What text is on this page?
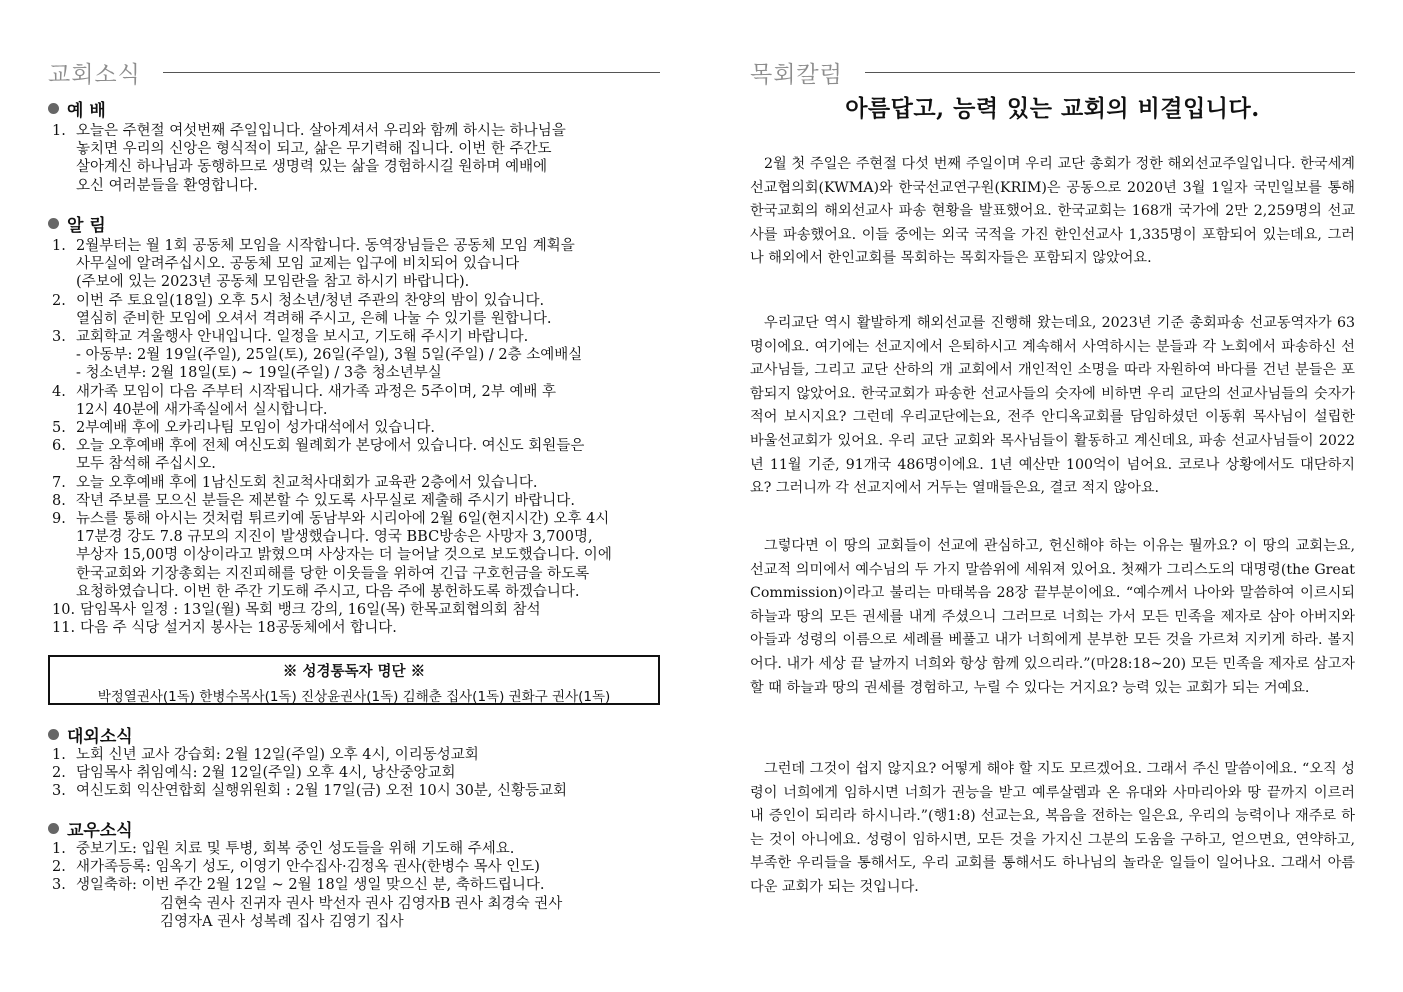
교회소식
예 배
1. 오늘은 주현절 여섯번째 주일입니다. 살아계셔서 우리와 함께 하시는 하나님을
놓치면 우리의 신앙은 형식적이 되고, 삶은 무기력해 집니다. 이번 한 주간도
살아계신 하나님과 동행하므로 생명력 있는 삶을 경험하시길 원하며 예배에
오신 여러분들을 환영합니다.
알 림
1. 2월부터는 월 1회 공동체 모임을 시작합니다. 동역장님들은 공동체 모임 계획을
사무실에 알려주십시오. 공동체 모임 교제는 입구에 비치되어 있습니다
(주보에 있는 2023년 공동체 모임란을 참고 하시기 바랍니다).
2. 이번 주 토요일(18일) 오후 5시 청소년/청년 주관의 찬양의 밤이 있습니다.
열심히 준비한 모임에 오셔서 격려해 주시고, 은혜 나눌 수 있기를 원합니다.
3. 교회학교 겨울행사 안내입니다. 일정을 보시고, 기도해 주시기 바랍니다.
- 아동부: 2월 19일(주일), 25일(토), 26일(주일), 3월 5일(주일) / 2층 소예배실
- 청소년부: 2월 18일(토) ~ 19일(주일) / 3층 청소년부실
4. 새가족 모임이 다음 주부터 시작됩니다. 새가족 과정은 5주이며, 2부 예배 후
12시 40분에 새가족실에서 실시합니다.
5. 2부예배 후에 오카리나팀 모임이 성가대석에서 있습니다.
6. 오늘 오후예배 후에 전체 여신도회 월례회가 본당에서 있습니다. 여신도 회원들은
모두 참석해 주십시오.
7. 오늘 오후예배 후에 1남신도회 친교척사대회가 교육관 2층에서 있습니다.
8. 작년 주보를 모으신 분들은 제본할 수 있도록 사무실로 제출해 주시기 바랍니다.
9. 뉴스를 통해 아시는 것처럼 튀르키예 동남부와 시리아에 2월 6일(현지시간) 오후 4시
17분경 강도 7.8 규모의 지진이 발생했습니다. 영국 BBC방송은 사망자 3,700명,
부상자 15,00명 이상이라고 밝혔으며 사상자는 더 늘어날 것으로 보도했습니다. 이에
한국교회와 기장총회는 지진피해를 당한 이웃들을 위하여 긴급 구호헌금을 하도록
요청하였습니다. 이번 한 주간 기도해 주시고, 다음 주에 봉헌하도록 하겠습니다.
10. 담임목사 일정 : 13일(월) 목회 뱅크 강의, 16일(목) 한목교회협의회 참석
11. 다음 주 식당 설거지 봉사는 18공동체에서 합니다.
※ 성경통독자 명단 ※
박정열권사(1독) 한병수목사(1독) 진상윤권사(1독) 김해춘 집사(1독) 권화구 권사(1독)
대외소식
1. 노회 신년 교사 강습회: 2월 12일(주일) 오후 4시, 이리동성교회
2. 담임목사 취임예식: 2월 12일(주일) 오후 4시, 낭산중앙교회
3. 여신도회 익산연합회 실행위원회 : 2월 17일(금) 오전 10시 30분, 신황등교회
교우소식
1. 중보기도: 입원 치료 및 투병, 회복 중인 성도들을 위해 기도해 주세요.
2. 새가족등록: 임옥기 성도, 이영기 안수집사·김정옥 권사(한병수 목사 인도)
3. 생일축하: 이번 주간 2월 12일 ~ 2월 18일 생일 맞으신 분, 축하드립니다.
김현숙 권사 진귀자 권사 박선자 권사 김영자B 권사 최경숙 권사
김영자A 권사 성복례 집사 김영기 집사
목회칼럼
아름답고, 능력 있는 교회의 비결입니다.

2월 첫 주일은 주현절 다섯 번째 주일이며 우리 교단 총회가 정한 해외선교주일입니다. 한국세계선교협의회(KWMA)와 한국선교연구원(KRIM)은 공동으로 2020년 3월 1일자 국민일보를 통해 한국교회의 해외선교사 파송 현황을 발표했어요. 한국교회는 168개 국가에 2만 2,259명의 선교사를 파송했어요. 이들 중에는 외국 국적을 가진 한인선교사 1,335명이 포함되어 있는데요, 그러나 해외에서 한인교회를 목회하는 목회자들은 포함되지 않았어요.

우리교단 역시 활발하게 해외선교를 진행해 왔는데요, 2023년 기준 총회파송 선교동역자가 63명이에요. 여기에는 선교지에서 은퇴하시고 계속해서 사역하시는 분들과 각 노회에서 파송하신 선교사님들, 그리고 교단 산하의 개 교회에서 개인적인 소명을 따라 자원하여 바다를 건넌 분들은 포함되지 않았어요. 한국교회가 파송한 선교사들의 숫자에 비하면 우리 교단의 선교사님들의 숫자가 적어 보시지요? 그런데 우리교단에는요, 전주 안디옥교회를 담임하셨던 이동휘 목사님이 설립한 바울선교회가 있어요. 우리 교단 교회와 목사님들이 활동하고 계신데요, 파송 선교사님들이 2022년 11월 기준, 91개국 486명이에요. 1년 예산만 100억이 넘어요. 코로나 상황에서도 대단하지요? 그러니까 각 선교지에서 거두는 열매들은요, 결코 적지 않아요.

그렇다면 이 땅의 교회들이 선교에 관심하고, 헌신해야 하는 이유는 뭘까요? 이 땅의 교회는요, 선교적 의미에서 예수님의 두 가지 말씀위에 세워져 있어요. 첫째가 그리스도의 대명령(the Great Commission)이라고 불리는 마태복음 28장 끝부분이에요. “예수께서 나아와 말씀하여 이르시되 하늘과 땅의 모든 권세를 내게 주셨으니 그러므로 너희는 가서 모든 민족을 제자로 삼아 아버지와 아들과 성령의 이름으로 세례를 베풀고 내가 너희에게 분부한 모든 것을 가르쳐 지키게 하라. 볼지어다. 내가 세상 끝 날까지 너희와 항상 함께 있으리라.”(마28:18~20) 모든 민족을 제자로 삼고자 할 때 하늘과 땅의 권세를 경험하고, 누릴 수 있다는 거지요? 능력 있는 교회가 되는 거예요.

그런데 그것이 쉽지 않지요? 어떻게 해야 할 지도 모르겠어요. 그래서 주신 말씀이에요. “오직 성령이 너희에게 임하시면 너희가 권능을 받고 예루살렘과 온 유대와 사마리아와 땅 끝까지 이르러 내 증인이 되리라 하시니라.”(행1:8) 선교는요, 복음을 전하는 일은요, 우리의 능력이나 재주로 하는 것이 아니에요. 성령이 임하시면, 모든 것을 가지신 그분의 도움을 구하고, 얻으면요, 연약하고, 부족한 우리들을 통해서도, 우리 교회를 통해서도 하나님의 놀라운 일들이 일어나요. 그래서 아름다운 교회가 되는 것입니다.
